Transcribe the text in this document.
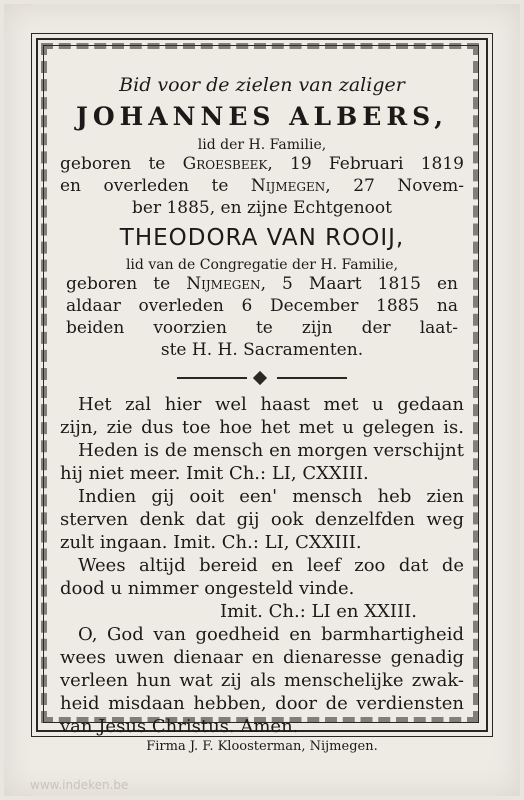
Bid voor de zielen van zaliger
JOHANNES ALBERS,
lid der H. Familie,
geboren te Groesbeek, 19 Februari 1819
en overleden te Nijmegen, 27 Novem-
ber 1885, en zijne Echtgenoot
THEODORA VAN ROOIJ,
lid van de Congregatie der H. Familie,
geboren te Nijmegen, 5 Maart 1815 en
aldaar overleden 6 December 1885 na
beiden voorzien te zijn der laat-
ste H. H. Sacramenten.
Het zal hier wel haast met u gedaan
zijn, zie dus toe hoe het met u gelegen is.
Heden is de mensch en morgen verschijnt
hij niet meer. Imit Ch.: LI, CXXIII.
Indien gij ooit een' mensch heb zien
sterven denk dat gij ook denzelfden weg
zult ingaan. Imit. Ch.: LI, CXXIII.
Wees altijd bereid en leef zoo dat de
dood u nimmer ongesteld vinde.
Imit. Ch.: LI en XXIII.
O, God van goedheid en barmhartigheid
wees uwen dienaar en dienaresse genadig
verleen hun wat zij als menschelijke zwak-
heid misdaan hebben, door de verdiensten
van Jesus Christus. Amen.
Firma J. F. Kloosterman, Nijmegen.
www.indeken.be
